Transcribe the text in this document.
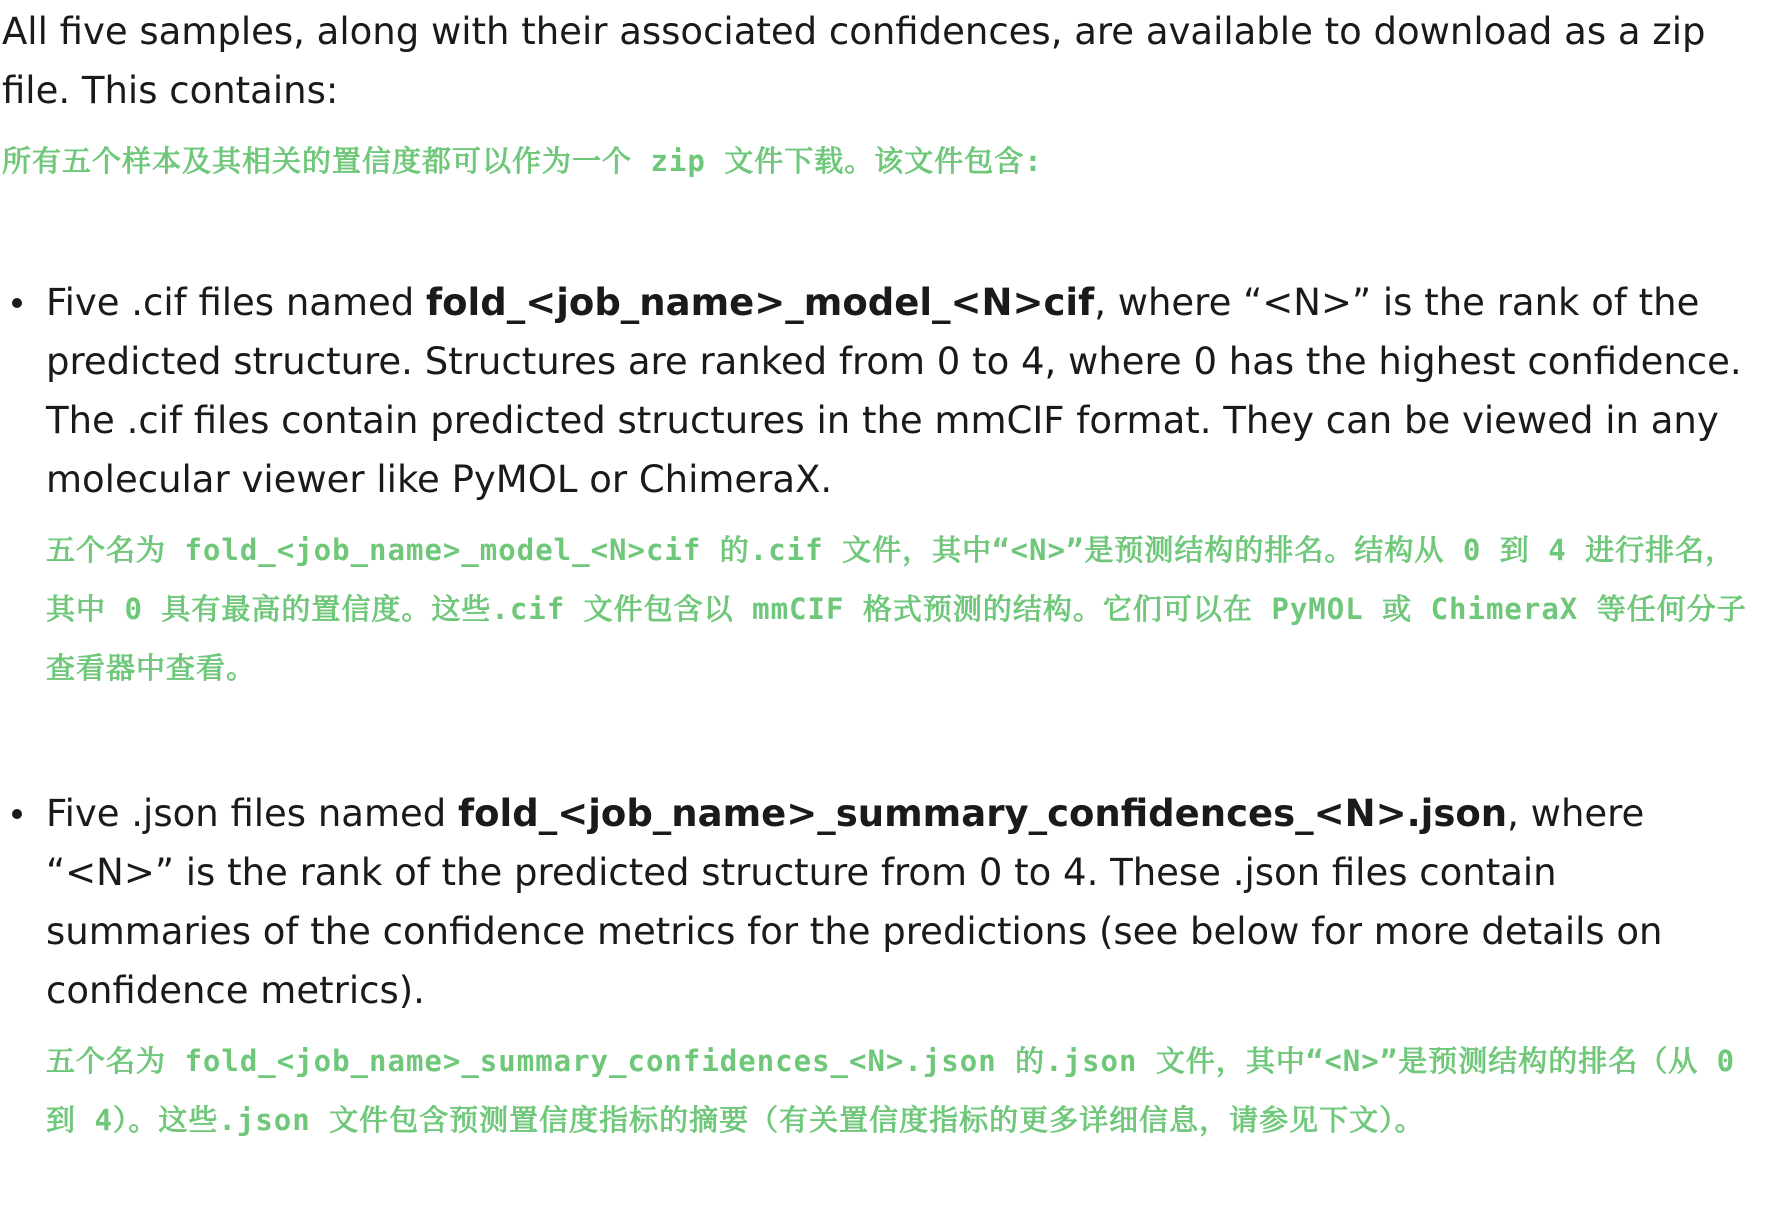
All five samples, along with their associated confidences, are available to download as a zip file. This contains:

所有五个样本及其相关的置信度都可以作为一个 zip 文件下载。该文件包含:

Five .cif files named fold_<job_name>_model_<N>cif, where “<N>” is the rank of the predicted structure. Structures are ranked from 0 to 4, where 0 has the highest confidence. The .cif files contain predicted structures in the mmCIF format. They can be viewed in any molecular viewer like PyMOL or ChimeraX.

五个名为 fold_<job_name>_model_<N>cif 的.cif 文件，其中“<N>”是预测结构的排名。结构从 0 到 4 进行排名，其中 0 具有最高的置信度。这些.cif 文件包含以 mmCIF 格式预测的结构。它们可以在 PyMOL 或 ChimeraX 等任何分子查看器中查看。

Five .json files named fold_<job_name>_summary_confidences_<N>.json, where “<N>” is the rank of the predicted structure from 0 to 4. These .json files contain summaries of the confidence metrics for the predictions (see below for more details on confidence metrics).

五个名为 fold_<job_name>_summary_confidences_<N>.json 的.json 文件，其中“<N>”是预测结构的排名（从 0 到 4）。这些.json 文件包含预测置信度指标的摘要（有关置信度指标的更多详细信息，请参见下文）。
